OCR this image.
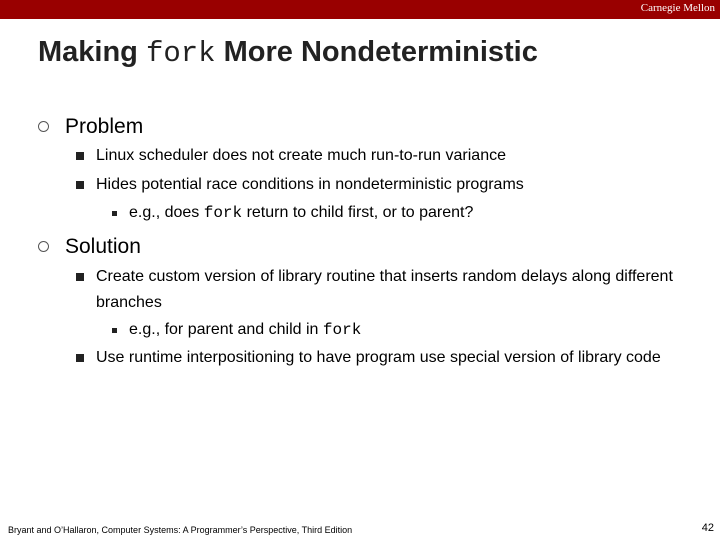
Carnegie Mellon
Making fork More Nondeterministic
Problem
Linux scheduler does not create much run-to-run variance
Hides potential race conditions in nondeterministic programs
e.g., does fork return to child first, or to parent?
Solution
Create custom version of library routine that inserts random delays along different branches
e.g., for parent and child in fork
Use runtime interpositioning to have program use special version of library code
Bryant and O’Hallaron, Computer Systems: A Programmer’s Perspective, Third Edition	42
